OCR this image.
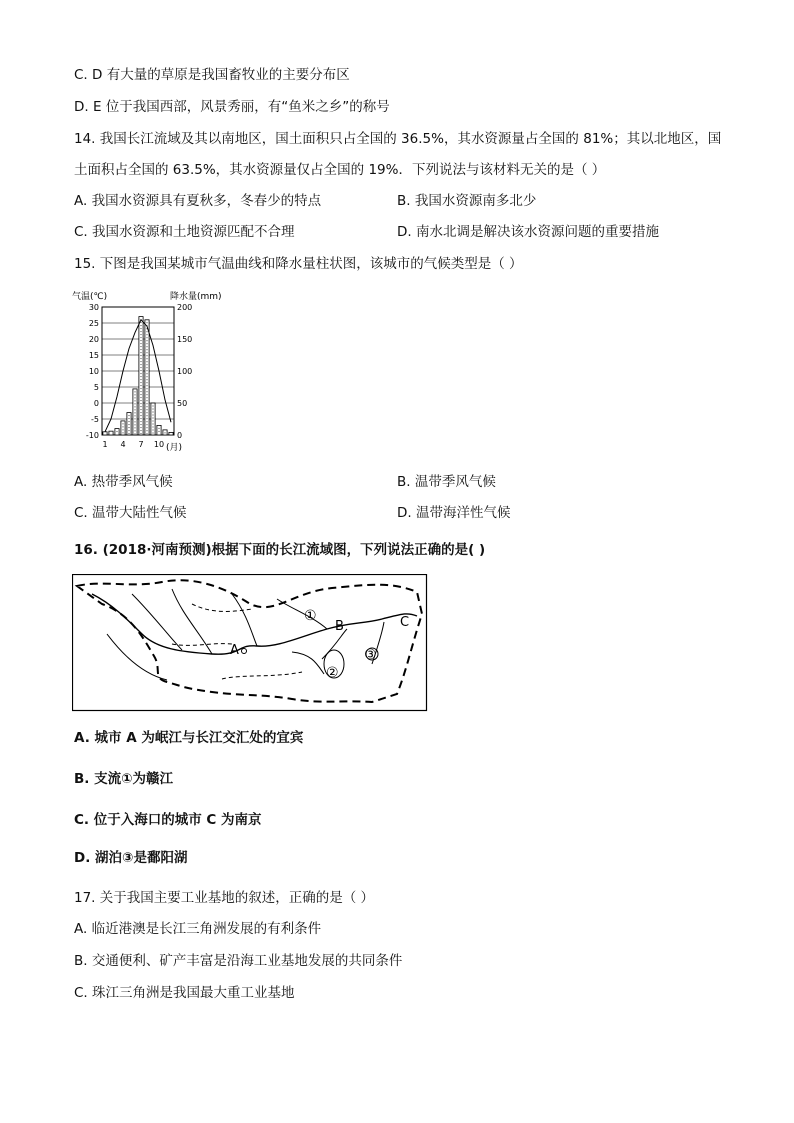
C. D 有大量的草原是我国畜牧业的主要分布区
D. E 位于我国西部，风景秀丽，有“鱼米之乡”的称号
14. 我国长江流域及其以南地区，国土面积只占全国的 36.5%，其水资源量占全国的 81%；其以北地区，国
土面积占全国的 63.5%，其水资源量仅占全国的 19%．下列说法与该材料无关的是（ ）
A. 我国水资源具有夏秋多，冬春少的特点	B. 我国水资源南多北少
C. 我国水资源和土地资源匹配不合理	D. 南水北调是解决该水资源问题的重要措施
15. 下图是我国某城市气温曲线和降水量柱状图，该城市的气候类型是（ ）
气温(℃)	降水量(mm)
30
25
20
15
10
5
0
-5
-10
200
150
100
50
0
1 4 7 10 (月)
A. 热带季风气候	B. 温带季风气候
C. 温带大陆性气候	D. 温带海洋性气候
16. (2018·河南预测)根据下面的长江流域图，下列说法正确的是( )
A
B	C
①
②
③
A. 城市 A 为岷江与长江交汇处的宜宾
B. 支流①为赣江
C. 位于入海口的城市 C 为南京
D. 湖泊③是鄱阳湖
17. 关于我国主要工业基地的叙述，正确的是（ ）
A. 临近港澳是长江三角洲发展的有利条件
B. 交通便利、矿产丰富是沿海工业基地发展的共同条件
C. 珠江三角洲是我国最大重工业基地
